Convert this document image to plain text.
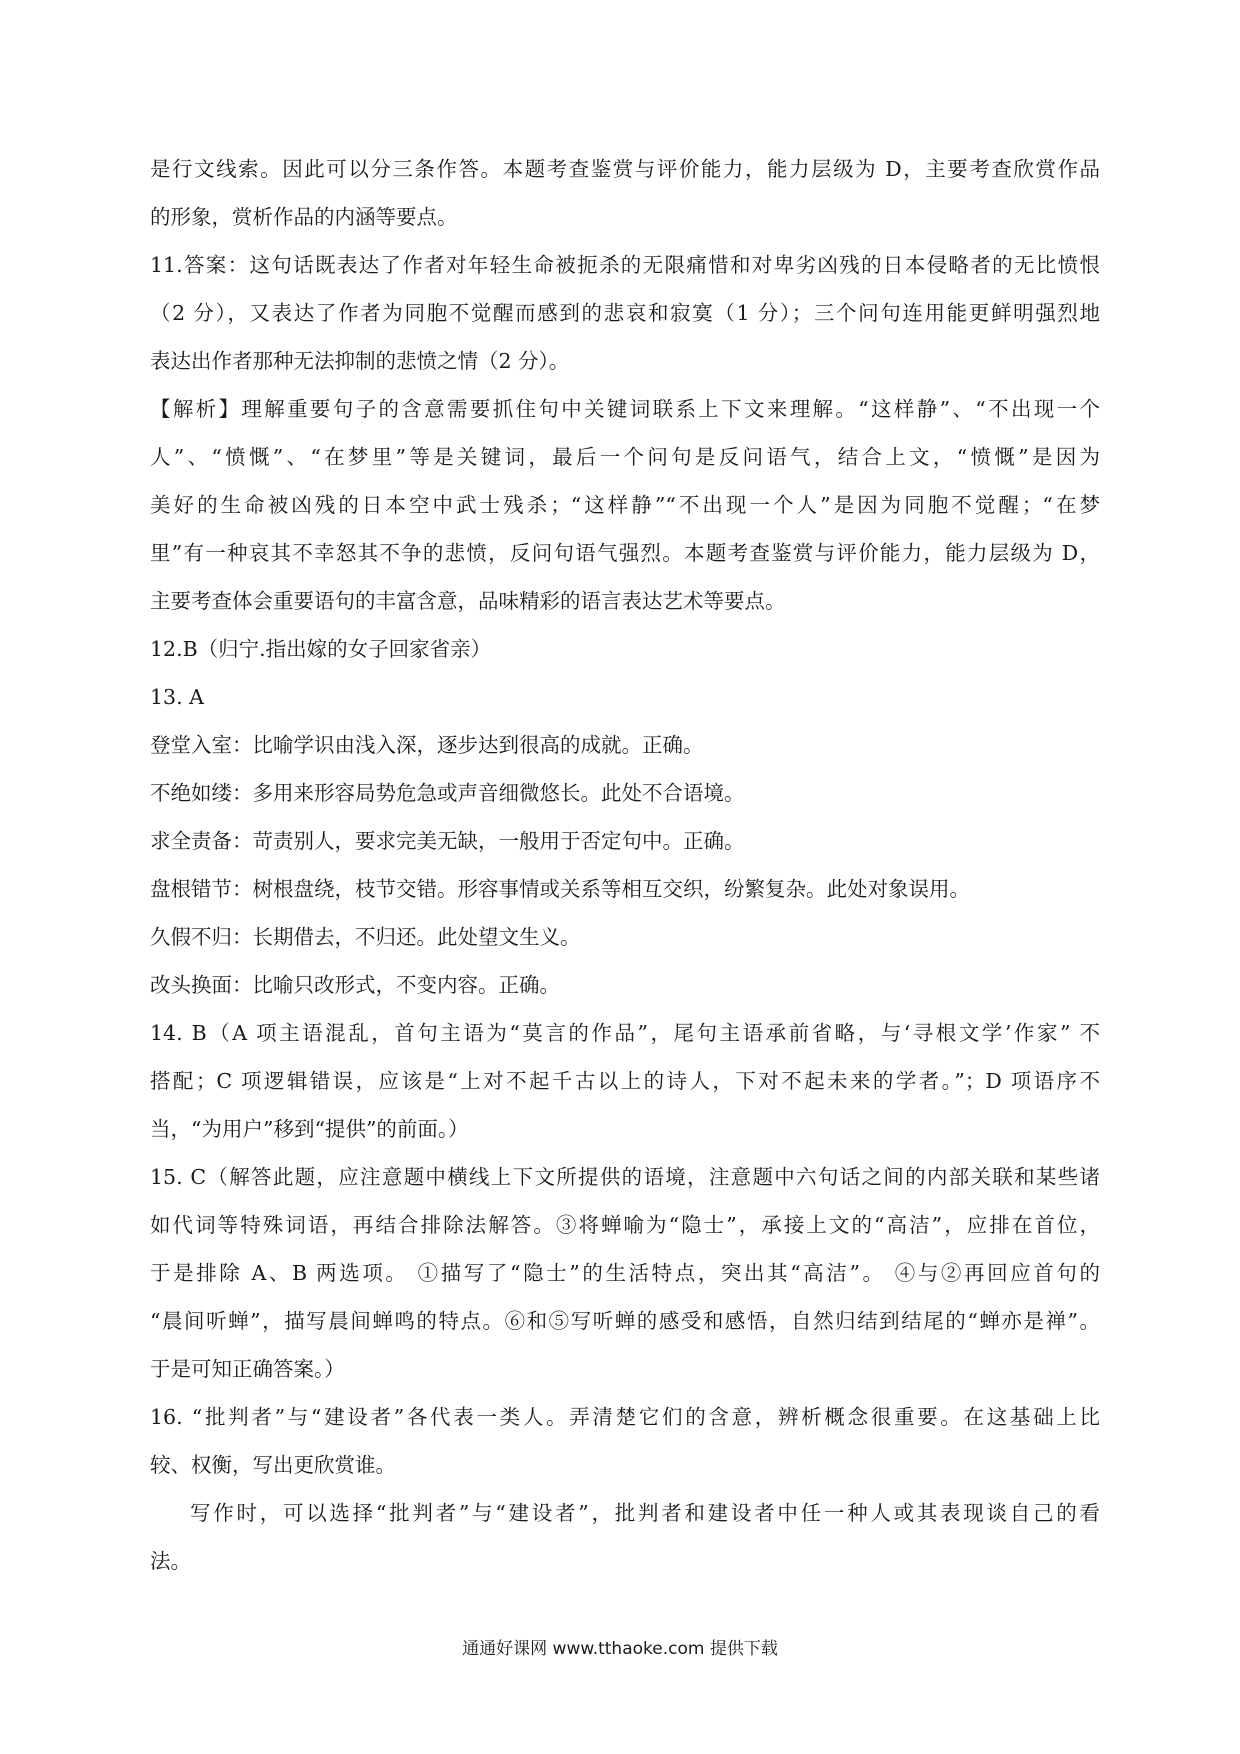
是行文线索。因此可以分三条作答。本题考查鉴赏与评价能力，能力层级为 D，主要考查欣赏作品
的形象，赏析作品的内涵等要点。
11.答案：这句话既表达了作者对年轻生命被扼杀的无限痛惜和对卑劣凶残的日本侵略者的无比愤恨
（2 分），又表达了作者为同胞不觉醒而感到的悲哀和寂寞（1 分）；三个问句连用能更鲜明强烈地
表达出作者那种无法抑制的悲愤之情（2 分）。
【解析】理解重要句子的含意需要抓住句中关键词联系上下文来理解。“这样静”、“不出现一个
人”、“愤慨”、“在梦里”等是关键词，最后一个问句是反问语气，结合上文，“愤慨”是因为
美好的生命被凶残的日本空中武士残杀；“这样静”“不出现一个人”是因为同胞不觉醒；“在梦
里”有一种哀其不幸怒其不争的悲愤，反问句语气强烈。本题考查鉴赏与评价能力，能力层级为 D，
主要考查体会重要语句的丰富含意，品味精彩的语言表达艺术等要点。
12.B（归宁.指出嫁的女子回家省亲）
13. A
登堂入室：比喻学识由浅入深，逐步达到很高的成就。正确。
不绝如缕：多用来形容局势危急或声音细微悠长。此处不合语境。
求全责备：苛责别人，要求完美无缺，一般用于否定句中。正确。
盘根错节：树根盘绕，枝节交错。形容事情或关系等相互交织，纷繁复杂。此处对象误用。
久假不归：长期借去，不归还。此处望文生义。
改头换面：比喻只改形式，不变内容。正确。
14. B（A 项主语混乱，首句主语为“莫言的作品”，尾句主语承前省略，与‘寻根文学’作家” 不
搭配；C 项逻辑错误，应该是“上对不起千古以上的诗人，下对不起未来的学者。”；D 项语序不
当，“为用户”移到“提供”的前面。）
15. C（解答此题，应注意题中横线上下文所提供的语境，注意题中六句话之间的内部关联和某些诸
如代词等特殊词语，再结合排除法解答。③将蝉喻为“隐士”，承接上文的“高洁”，应排在首位，
于是排除 A、B 两选项。 ①描写了“隐士”的生活特点，突出其“高洁”。 ④与②再回应首句的
“晨间听蝉”，描写晨间蝉鸣的特点。⑥和⑤写听蝉的感受和感悟，自然归结到结尾的“蝉亦是禅”。
于是可知正确答案。）
16. “批判者”与“建设者”各代表一类人。弄清楚它们的含意，辨析概念很重要。在这基础上比
较、权衡，写出更欣赏谁。
写作时，可以选择“批判者”与“建设者”，批判者和建设者中任一种人或其表现谈自己的看
法。
通通好课网 www.tthaoke.com 提供下载
